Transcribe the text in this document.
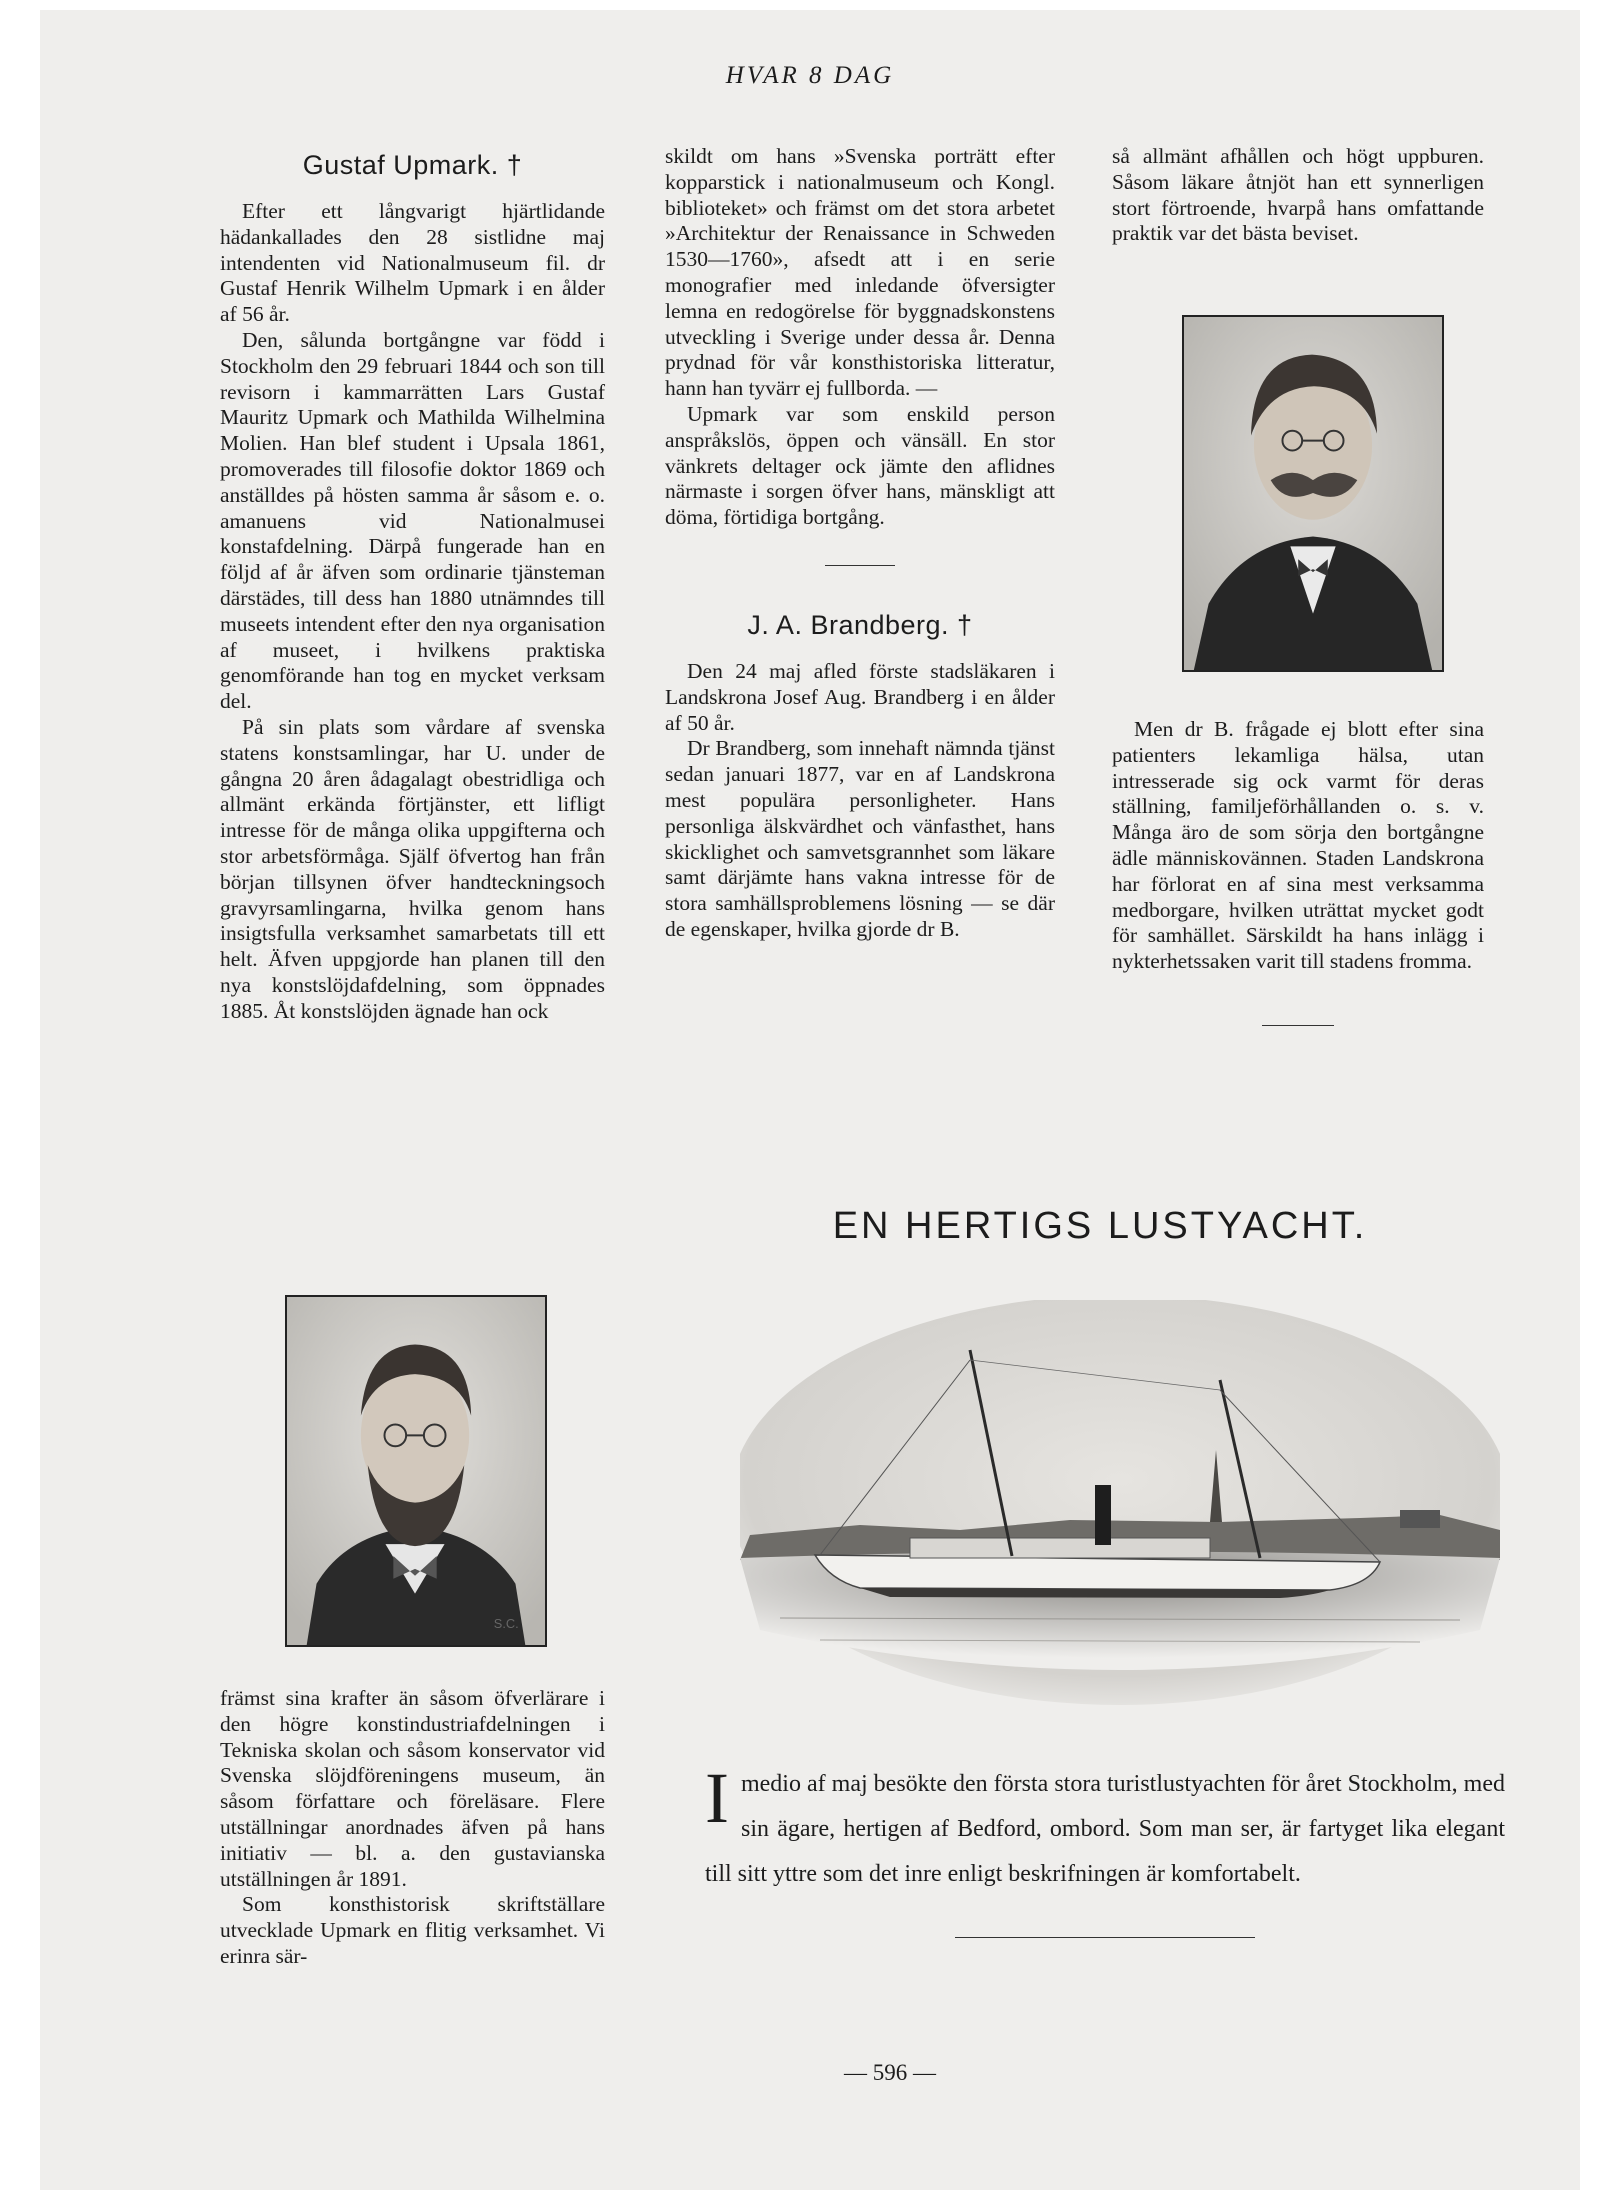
HVAR 8 DAG
Gustaf Upmark. †

Efter ett långvarigt hjärtlidande hädankallades den 28 sistlidne maj intendenten vid Nationalmuseum fil. dr Gustaf Henrik Wilhelm Upmark i en ålder af 56 år.

Den, sålunda bortgångne var född i Stockholm den 29 februari 1844 och son till revisorn i kammarrätten Lars Gustaf Mauritz Upmark och Mathilda Wilhelmina Molien. Han blef student i Upsala 1861, promoverades till filosofie doktor 1869 och anställdes på hösten samma år såsom e. o. amanuens vid Nationalmusei konstafdelning. Därpå fungerade han en följd af år äfven som ordinarie tjänsteman därstädes, till dess han 1880 utnämndes till museets intendent efter den nya organisation af museet, i hvilkens praktiska genomförande han tog en mycket verksam del.

På sin plats som vårdare af svenska statens konstsamlingar, har U. under de gångna 20 åren ådagalagt obestridliga och allmänt erkända förtjänster, ett lifligt intresse för de många olika uppgifterna och stor arbetsförmåga. Själf öfvertog han från början tillsynen öfver handteckningsoch gravyrsamlingarna, hvilka genom hans insigtsfulla verksamhet samarbetats till ett helt. Äfven uppgjorde han planen till den nya konstslöjdafdelning, som öppnades 1885. Åt konstslöjden ägnade han ock

S.C.

främst sina krafter än såsom öfverlärare i den högre konstindustriafdelningen i Tekniska skolan och såsom konservator vid Svenska slöjdföreningens museum, än såsom författare och föreläsare. Flere utställningar anordnades äfven på hans initiativ — bl. a. den gustavianska utställningen år 1891.

Som konsthistorisk skriftställare utvecklade Upmark en flitig verksamhet. Vi erinra sär-

skildt om hans »Svenska porträtt efter kopparstick i nationalmuseum och Kongl. biblioteket» och främst om det stora arbetet »Architektur der Renaissance in Schweden 1530—1760», afsedt att i en serie monografier med inledande öfversigter lemna en redogörelse för byggnadskonstens utveckling i Sverige under dessa år. Denna prydnad för vår konsthistoriska litteratur, hann han tyvärr ej fullborda. —

Upmark var som enskild person anspråkslös, öppen och vänsäll. En stor vänkrets deltager ock jämte den aflidnes närmaste i sorgen öfver hans, mänskligt att döma, förtidiga bortgång.

J. A. Brandberg. †

Den 24 maj afled förste stadsläkaren i Landskrona Josef Aug. Brandberg i en ålder af 50 år.

Dr Brandberg, som innehaft nämnda tjänst sedan januari 1877, var en af Landskrona mest populära personligheter. Hans personliga älskvärdhet och vänfasthet, hans skicklighet och samvetsgrannhet som läkare samt därjämte hans vakna intresse för de stora samhällsproblemens lösning — se där de egenskaper, hvilka gjorde dr B.

så allmänt afhållen och högt uppburen. Såsom läkare åtnjöt han ett synnerligen stort förtroende, hvarpå hans omfattande praktik var det bästa beviset.

Men dr B. frågade ej blott efter sina patienters lekamliga hälsa, utan intresserade sig ock varmt för deras ställning, familjeförhållanden o. s. v. Många äro de som sörja den bortgångne ädle människovännen. Staden Landskrona har förlorat en af sina mest verksamma medborgare, hvilken uträttat mycket godt för samhället. Särskildt ha hans inlägg i nykterhetssaken varit till stadens fromma.

EN HERTIGS LUSTYACHT.

Imedio af maj besökte den första stora turistlustyachten för året Stockholm, med sin ägare, hertigen af Bedford, ombord. Som man ser, är fartyget lika elegant till sitt yttre som det inre enligt beskrifningen är komfortabelt.

— 596 —
